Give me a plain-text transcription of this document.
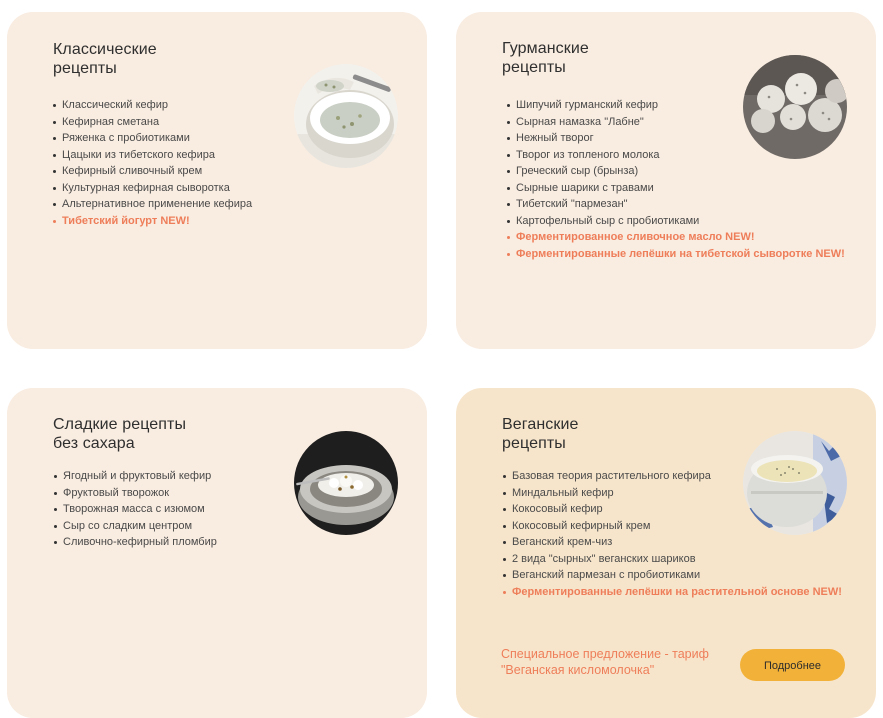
Классические
рецепты
Классический кефир
Кефирная сметана
Ряженка с пробиотиками
Цацыки из тибетского кефира
Кефирный сливочный крем
Культурная кефирная сыворотка
Альтернативное применение кефира
Тибетский йогурт NEW!
Гурманские
рецепты
Шипучий гурманский кефир
Сырная намазка "Лабне"
Нежный творог
Творог из топленого молока
Греческий сыр (брынза)
Сырные шарики с травами
Тибетский "пармезан"
Картофельный сыр с пробиотиками
Ферментированное сливочное масло NEW!
Ферментированные лепёшки на тибетской сыворотке NEW!
Сладкие рецепты
без сахара
Ягодный и фруктовый кефир
Фруктовый творожок
Творожная масса с изюмом
Сыр со сладким центром
Сливочно-кефирный пломбир
Веганские
рецепты
Базовая теория растительного кефира
Миндальный кефир
Кокосовый кефир
Кокосовый кефирный крем
Веганский крем-чиз
2 вида "сырных" веганских шариков
Веганский пармезан с пробиотиками
Ферментированные лепёшки на растительной основе NEW!
Специальное предложение - тариф
"Веганская кисломолочка"	Подробнее
